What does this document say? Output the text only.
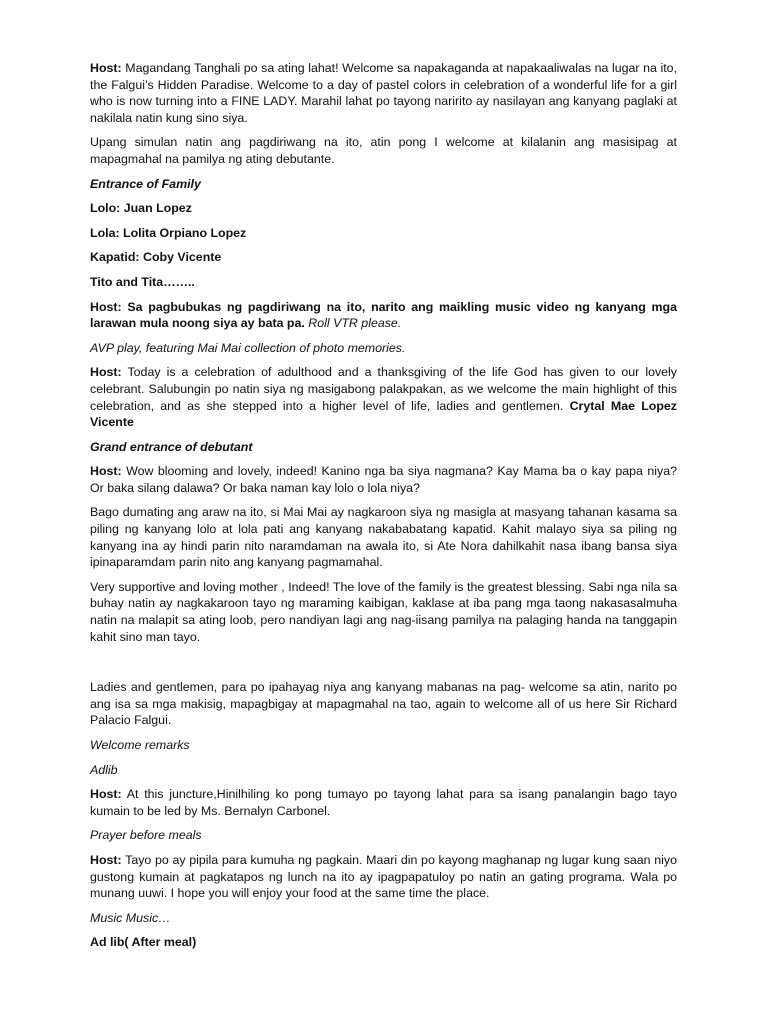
Host: Magandang Tanghali po sa ating lahat! Welcome sa napakaganda at napakaaliwalas na lugar na ito, the Falgui’s Hidden Paradise. Welcome to a day of pastel colors in celebration of a wonderful life for a girl who is now turning into a FINE LADY. Marahil lahat po tayong naririto ay nasilayan ang kanyang paglaki at nakilala natin kung sino siya.

Upang simulan natin ang pagdiriwang na ito, atin pong I welcome at kilalanin ang masisipag at mapagmahal na pamilya ng ating debutante.

Entrance of Family

Lolo: Juan Lopez

Lola: Lolita Orpiano Lopez

Kapatid: Coby Vicente

Tito and Tita……..

Host: Sa pagbubukas ng pagdiriwang na ito, narito ang maikling music video ng kanyang mga larawan mula noong siya ay bata pa. Roll VTR please.

AVP play, featuring Mai Mai collection of photo memories.

Host: Today is a celebration of adulthood and a thanksgiving of the life God has given to our lovely celebrant. Salubungin po natin siya ng masigabong palakpakan, as we welcome the main highlight of this celebration, and as she stepped into a higher level of life, ladies and gentlemen. Crytal Mae Lopez Vicente

Grand entrance of debutant

Host: Wow blooming and lovely, indeed! Kanino nga ba siya nagmana? Kay Mama ba o kay papa niya? Or baka silang dalawa? Or baka naman kay lolo o lola niya?

Bago dumating ang araw na ito, si Mai Mai ay nagkaroon siya ng masigla at masyang tahanan kasama sa piling ng kanyang lolo at lola pati ang kanyang nakababatang kapatid. Kahit malayo siya sa piling ng kanyang ina ay hindi parin nito naramdaman na awala ito, si Ate Nora dahilkahit nasa ibang bansa siya ipinaparamdam parin nito ang kanyang pagmamahal.

Very supportive and loving mother , Indeed! The love of the family is the greatest blessing. Sabi nga nila sa buhay natin ay nagkakaroon tayo ng maraming kaibigan, kaklase at iba pang mga taong nakasasalmuha natin na malapit sa ating loob, pero nandiyan lagi ang nag-iisang pamilya na palaging handa na tanggapin kahit sino man tayo.

Ladies and gentlemen, para po ipahayag niya ang kanyang mabanas na pag- welcome sa atin, narito po ang isa sa mga makisig, mapagbigay at mapagmahal na tao, again to welcome all of us here Sir Richard Palacio Falgui.

Welcome remarks

Adlib

Host: At this juncture,Hinilhiling ko pong tumayo po tayong lahat para sa isang panalangin bago tayo kumain to be led by Ms. Bernalyn Carbonel.

Prayer before meals

Host: Tayo po ay pipila para kumuha ng pagkain. Maari din po kayong maghanap ng lugar kung saan niyo gustong kumain at pagkatapos ng lunch na ito ay ipagpapatuloy po natin an gating programa. Wala po munang uuwi. I hope you will enjoy your food at the same time the place.

Music Music…

Ad lib( After meal)
